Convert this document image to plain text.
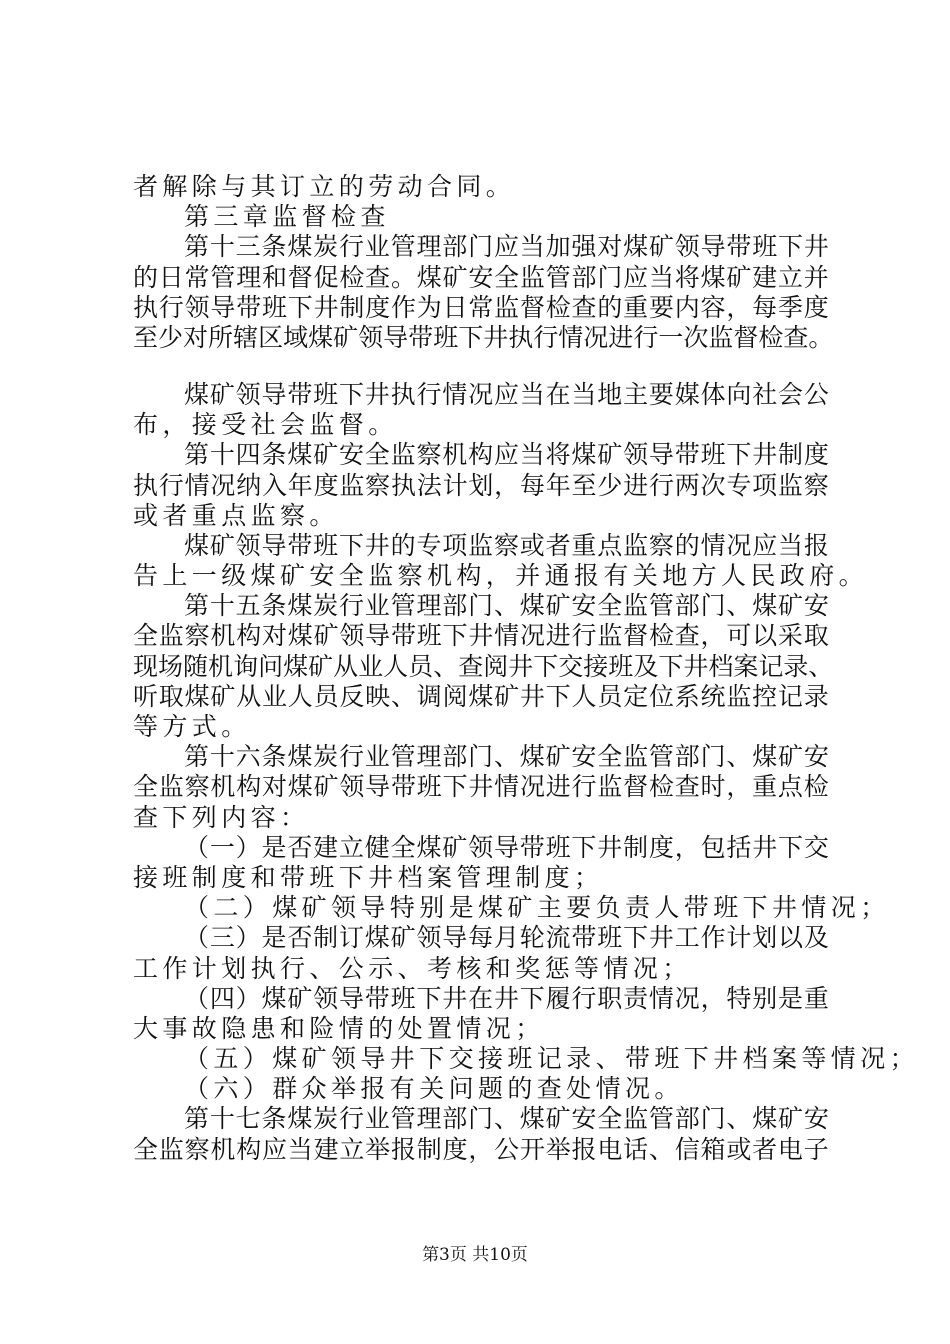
者解除与其订立的劳动合同。
第三章监督检查
第 十 三 条 煤 炭 行 业 管 理 部 门 应 当 加 强 对 煤 矿 领 导 带 班 下 井
的 日 常 管 理 和 督 促 检 查 。 煤 矿 安 全 监 管 部 门 应 当 将 煤 矿 建 立 并
执 行 领 导 带 班 下 井 制 度 作 为 日 常 监 督 检 查 的 重 要 内 容 ， 每 季 度
至 少 对 所 辖 区 域 煤 矿 领 导 带 班 下 井 执 行 情 况 进 行 一 次 监 督 检 查 。
煤 矿 领 导 带 班 下 井 执 行 情 况 应 当 在 当 地 主 要 媒 体 向 社 会 公
布，接受社会监督。
第 十 四 条 煤 矿 安 全 监 察 机 构 应 当 将 煤 矿 领 导 带 班 下 井 制 度
执 行 情 况 纳 入 年 度 监 察 执 法 计 划 ， 每 年 至 少 进 行 两 次 专 项 监 察
或者重点监察。
煤 矿 领 导 带 班 下 井 的 专 项 监 察 或 者 重 点 监 察 的 情 况 应 当 报
告上一级煤矿安全监察机构，并通报有关地方人民政府。
第 十 五 条 煤 炭 行 业 管 理 部 门 、 煤 矿 安 全 监 管 部 门 、 煤 矿 安
全 监 察 机 构 对 煤 矿 领 导 带 班 下 井 情 况 进 行 监 督 检 查 ， 可 以 采 取
现 场 随 机 询 问 煤 矿 从 业 人 员 、 查 阅 井 下 交 接 班 及 下 井 档 案 记 录 、
听 取 煤 矿 从 业 人 员 反 映 、 调 阅 煤 矿 井 下 人 员 定 位 系 统 监 控 记 录
等方式。
第 十 六 条 煤 炭 行 业 管 理 部 门 、 煤 矿 安 全 监 管 部 门 、 煤 矿 安
全 监 察 机 构 对 煤 矿 领 导 带 班 下 井 情 况 进 行 监 督 检 查 时 ， 重 点 检
查下列内容：
（ 一 ） 是 否 建 立 健 全 煤 矿 领 导 带 班 下 井 制 度 ， 包 括 井 下 交
接班制度和带班下井档案管理制度；
（二）煤矿领导特别是煤矿主要负责人带班下井情况；
（ 三 ） 是 否 制 订 煤 矿 领 导 每 月 轮 流 带 班 下 井 工 作 计 划 以 及
工作计划执行、公示、考核和奖惩等情况；
（ 四 ） 煤 矿 领 导 带 班 下 井 在 井 下 履 行 职 责 情 况 ， 特 别 是 重
大事故隐患和险情的处置情况；
（五）煤矿领导井下交接班记录、带班下井档案等情况；
（六）群众举报有关问题的查处情况。
第 十 七 条 煤 炭 行 业 管 理 部 门 、 煤 矿 安 全 监 管 部 门 、 煤 矿 安
全 监 察 机 构 应 当 建 立 举 报 制 度 ， 公 开 举 报 电 话 、 信 箱 或 者 电 子
第3页 共10页
